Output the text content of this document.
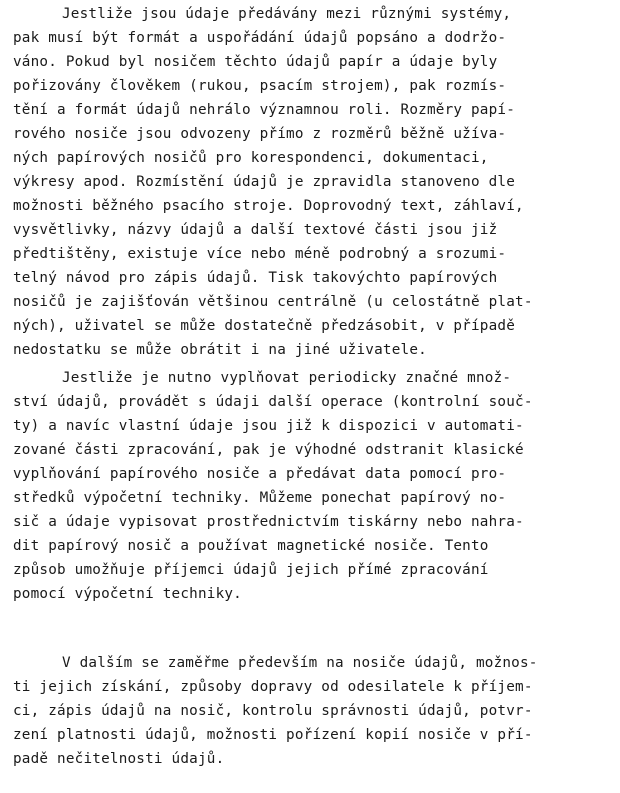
Jestliže jsou údaje předávány mezi různými systémy,
pak musí být formát a uspořádání údajů popsáno a dodržo-
váno. Pokud byl nosičem těchto údajů papír a údaje byly
pořizovány člověkem (rukou, psacím strojem), pak rozmís-
tění a formát údajů nehrálo významnou roli. Rozměry papí-
rového nosiče jsou odvozeny přímo z rozměrů běžně užíva-
ných papírových nosičů pro korespondenci, dokumentaci,
výkresy apod. Rozmístění údajů je zpravidla stanoveno dle
možnosti běžného psacího stroje. Doprovodný text, záhlaví,
vysvětlivky, názvy údajů a další textové části jsou již
předtištěny, existuje více nebo méně podrobný a srozumi-
telný návod pro zápis údajů. Tisk takovýchto papírových
nosičů je zajišťován většinou centrálně (u celostátně plat-
ných), uživatel se může dostatečně předzásobit, v případě
nedostatku se může obrátit i na jiné uživatele.
Jestliže je nutno vyplňovat periodicky značné množ-
ství údajů, provádět s údaji další operace (kontrolní souč-
ty) a navíc vlastní údaje jsou již k dispozici v automati-
zované části zpracování, pak je výhodné odstranit klasické
vyplňování papírového nosiče a předávat data pomocí pro-
středků výpočetní techniky. Můžeme ponechat papírový no-
sič a údaje vypisovat prostřednictvím tiskárny nebo nahra-
dit papírový nosič a používat magnetické nosiče. Tento
způsob umožňuje příjemci údajů jejich přímé zpracování
pomocí výpočetní techniky.
V dalším se zaměřme především na nosiče údajů, možnos-
ti jejich získání, způsoby dopravy od odesilatele k příjem-
ci, zápis údajů na nosič, kontrolu správnosti údajů, potvr-
zení platnosti údajů, možnosti pořízení kopií nosiče v pří-
padě nečitelnosti údajů.
